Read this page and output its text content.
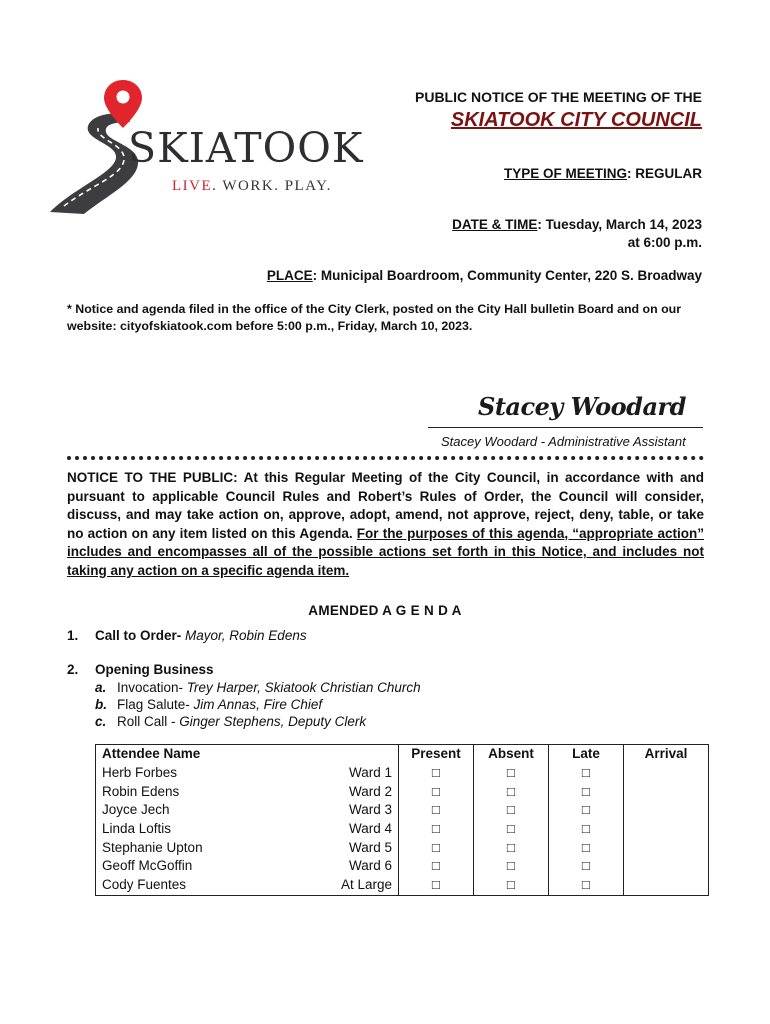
SKIATOOK
LIVE. WORK. PLAY.
PUBLIC NOTICE OF THE MEETING OF THE
SKIATOOK CITY COUNCIL
TYPE OF MEETING: REGULAR
DATE & TIME: Tuesday, March 14, 2023
at 6:00 p.m.
PLACE: Municipal Boardroom, Community Center, 220 S. Broadway
* Notice and agenda filed in the office of the City Clerk, posted on the City Hall bulletin Board and on our website: cityofskiatook.com before 5:00 p.m., Friday, March 10, 2023.
Stacey Woodard
Stacey Woodard - Administrative Assistant
NOTICE TO THE PUBLIC: At this Regular Meeting of the City Council, in accordance with and pursuant to applicable Council Rules and Robert’s Rules of Order, the Council will consider, discuss, and may take action on, approve, adopt, amend, not approve, reject, deny, table, or take no action on any item listed on this Agenda. For the purposes of this agenda, “appropriate action” includes and encompasses all of the possible actions set forth in this Notice, and includes not taking any action on a specific agenda item.
AMENDED A G E N D A
1. Call to Order- Mayor, Robin Edens
2. Opening Business
a. Invocation- Trey Harper, Skiatook Christian Church
b. Flag Salute- Jim Annas, Fire Chief
c. Roll Call - Ginger Stephens, Deputy Clerk
Attendee Name		Present	Absent	Late	Arrival
Herb Forbes	Ward 1	□	□	□	
Robin Edens	Ward 2	□	□	□	
Joyce Jech	Ward 3	□	□	□	
Linda Loftis	Ward 4	□	□	□	
Stephanie Upton	Ward 5	□	□	□	
Geoff McGoffin	Ward 6	□	□	□	
Cody Fuentes	At Large	□	□	□	
